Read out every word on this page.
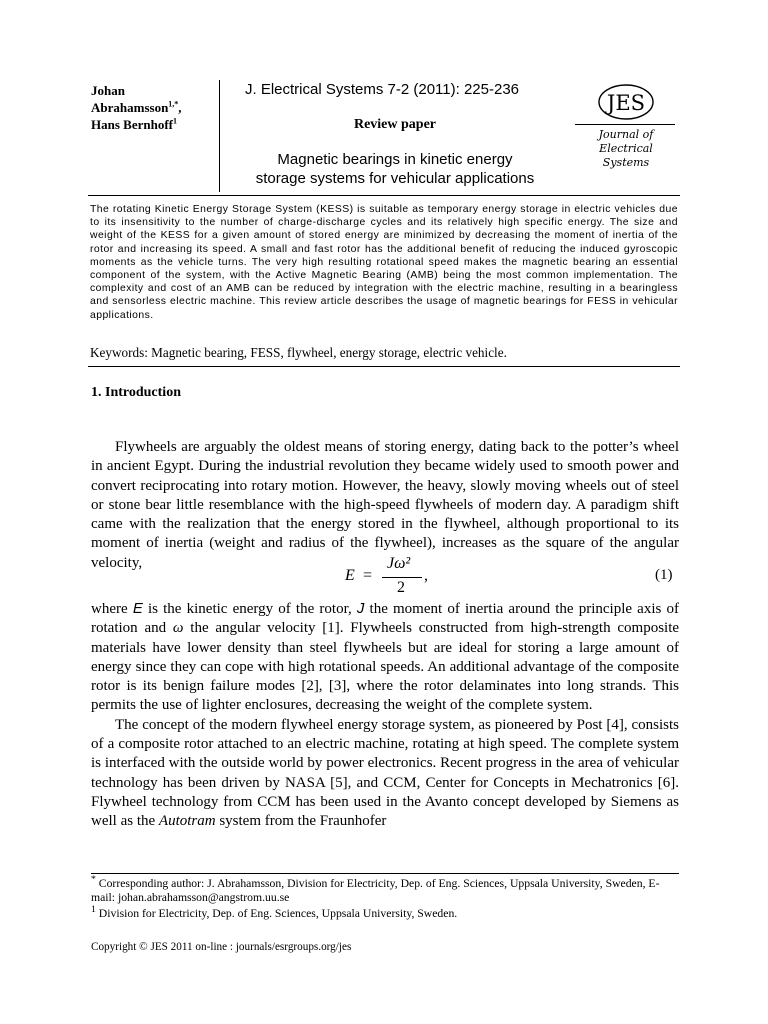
Johan
Abrahamsson$^{1,*}$,
Hans Bernhoff$^1$
J. Electrical Systems 7-2 (2011): 225-236
Review paper
Magnetic bearings in kinetic energy
storage systems for vehicular applications
JES
Journal of
Electrical
Systems
The rotating Kinetic Energy Storage System (KESS) is suitable as temporary energy storage in electric vehicles due to its insensitivity to the number of charge-discharge cycles and its relatively high specific energy. The size and weight of the KESS for a given amount of stored energy are minimized by decreasing the moment of inertia of the rotor and increasing its speed. A small and fast rotor has the additional benefit of reducing the induced gyroscopic moments as the vehicle turns. The very high resulting rotational speed makes the magnetic bearing an essential component of the system, with the Active Magnetic Bearing (AMB) being the most common implementation. The complexity and cost of an AMB can be reduced by integration with the electric machine, resulting in a bearingless and sensorless electric machine. This review article describes the usage of magnetic bearings for FESS in vehicular applications.
Keywords: Magnetic bearing, FESS, flywheel, energy storage, electric vehicle.
1. Introduction

Flywheels are arguably the oldest means of storing energy, dating back to the potter’s wheel in ancient Egypt. During the industrial revolution they became widely used to smooth power and convert reciprocating into rotary motion. However, the heavy, slowly moving wheels out of steel or stone bear little resemblance with the high-speed flywheels of modern day. A paradigm shift came with the realization that the energy stored in the flywheel, although proportional to its moment of inertia (weight and radius of the flywheel), increases as the square of the angular velocity,

E =
Jω²
2
,	(1)

where E is the kinetic energy of the rotor, J the moment of inertia around the principle axis of rotation and ω the angular velocity [1]. Flywheels constructed from high-strength composite materials have lower density than steel flywheels but are ideal for storing a large amount of energy since they can cope with high rotational speeds. An additional advantage of the composite rotor is its benign failure modes [2], [3], where the rotor delaminates into long strands. This permits the use of lighter enclosures, decreasing the weight of the complete system.

The concept of the modern flywheel energy storage system, as pioneered by Post [4], consists of a composite rotor attached to an electric machine, rotating at high speed. The complete system is interfaced with the outside world by power electronics. Recent progress in the area of vehicular technology has been driven by NASA [5], and CCM, Center for Concepts in Mechatronics [6]. Flywheel technology from CCM has been used in the Avanto concept developed by Siemens as well as the Autotram system from the Fraunhofer

* Corresponding author: J. Abrahamsson, Division for Electricity, Dep. of Eng. Sciences, Uppsala University, Sweden, E-mail: johan.abrahamsson@angstrom.uu.se
$^1$ Division for Electricity, Dep. of Eng. Sciences, Uppsala University, Sweden.
Copyright © JES 2011 on-line : journals/esrgroups.org/jes
